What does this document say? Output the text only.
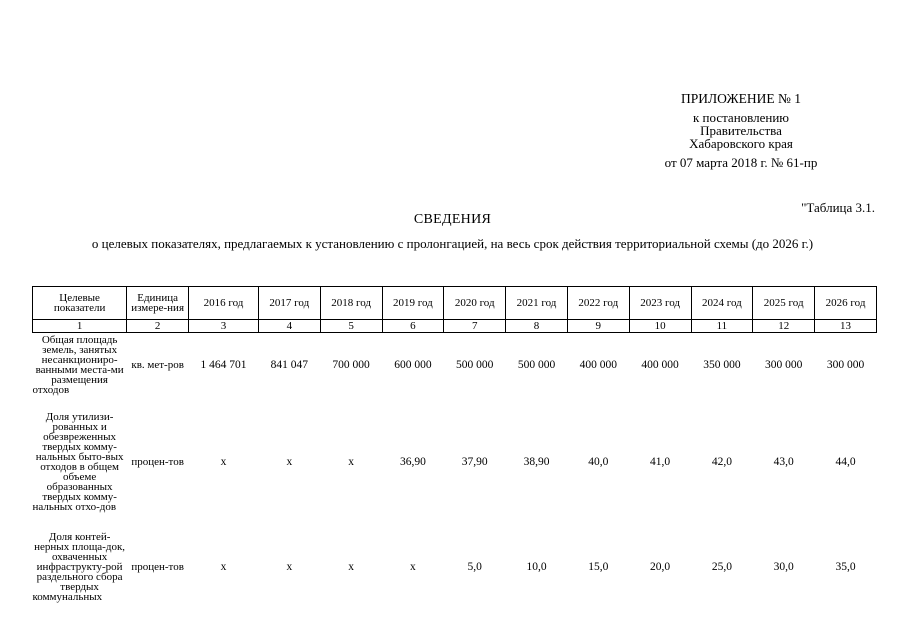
ПРИЛОЖЕНИЕ № 1
к постановлению
Правительства
Хабаровского края
от 07 марта 2018 г. № 61-пр
"Таблица 3.1.
СВЕДЕНИЯ
о целевых показателях, предлагаемых к установлению с пролонгацией, на весь срок действия территориальной схемы (до 2026 г.)
Целевые показатели	Единица измере-ния	2016 год	2017 год	2018 год	2019 год	2020 год	2021 год	2022 год	2023 год	2024 год	2025 год	2026 год
1	2	3	4	5	6	7	8	9	10	11	12	13
Общая площадь земель, занятых несанкциониро-ванными места-ми размещения отходов	кв. мет-ров	1 464 701	841 047	700 000	600 000	500 000	500 000	400 000	400 000	350 000	300 000	300 000
Доля утилизи-рованных и обезвреженных твердых комму-нальных быто-вых отходов в общем объеме образованных твердых комму-нальных отхо-дов	процен-тов	x	x	x	36,90	37,90	38,90	40,0	41,0	42,0	43,0	44,0
Доля контей-нерных площа-док, охваченных инфраструкту-рой раздельного сбора твердых коммунальных	процен-тов	x	x	x	x	5,0	10,0	15,0	20,0	25,0	30,0	35,0
